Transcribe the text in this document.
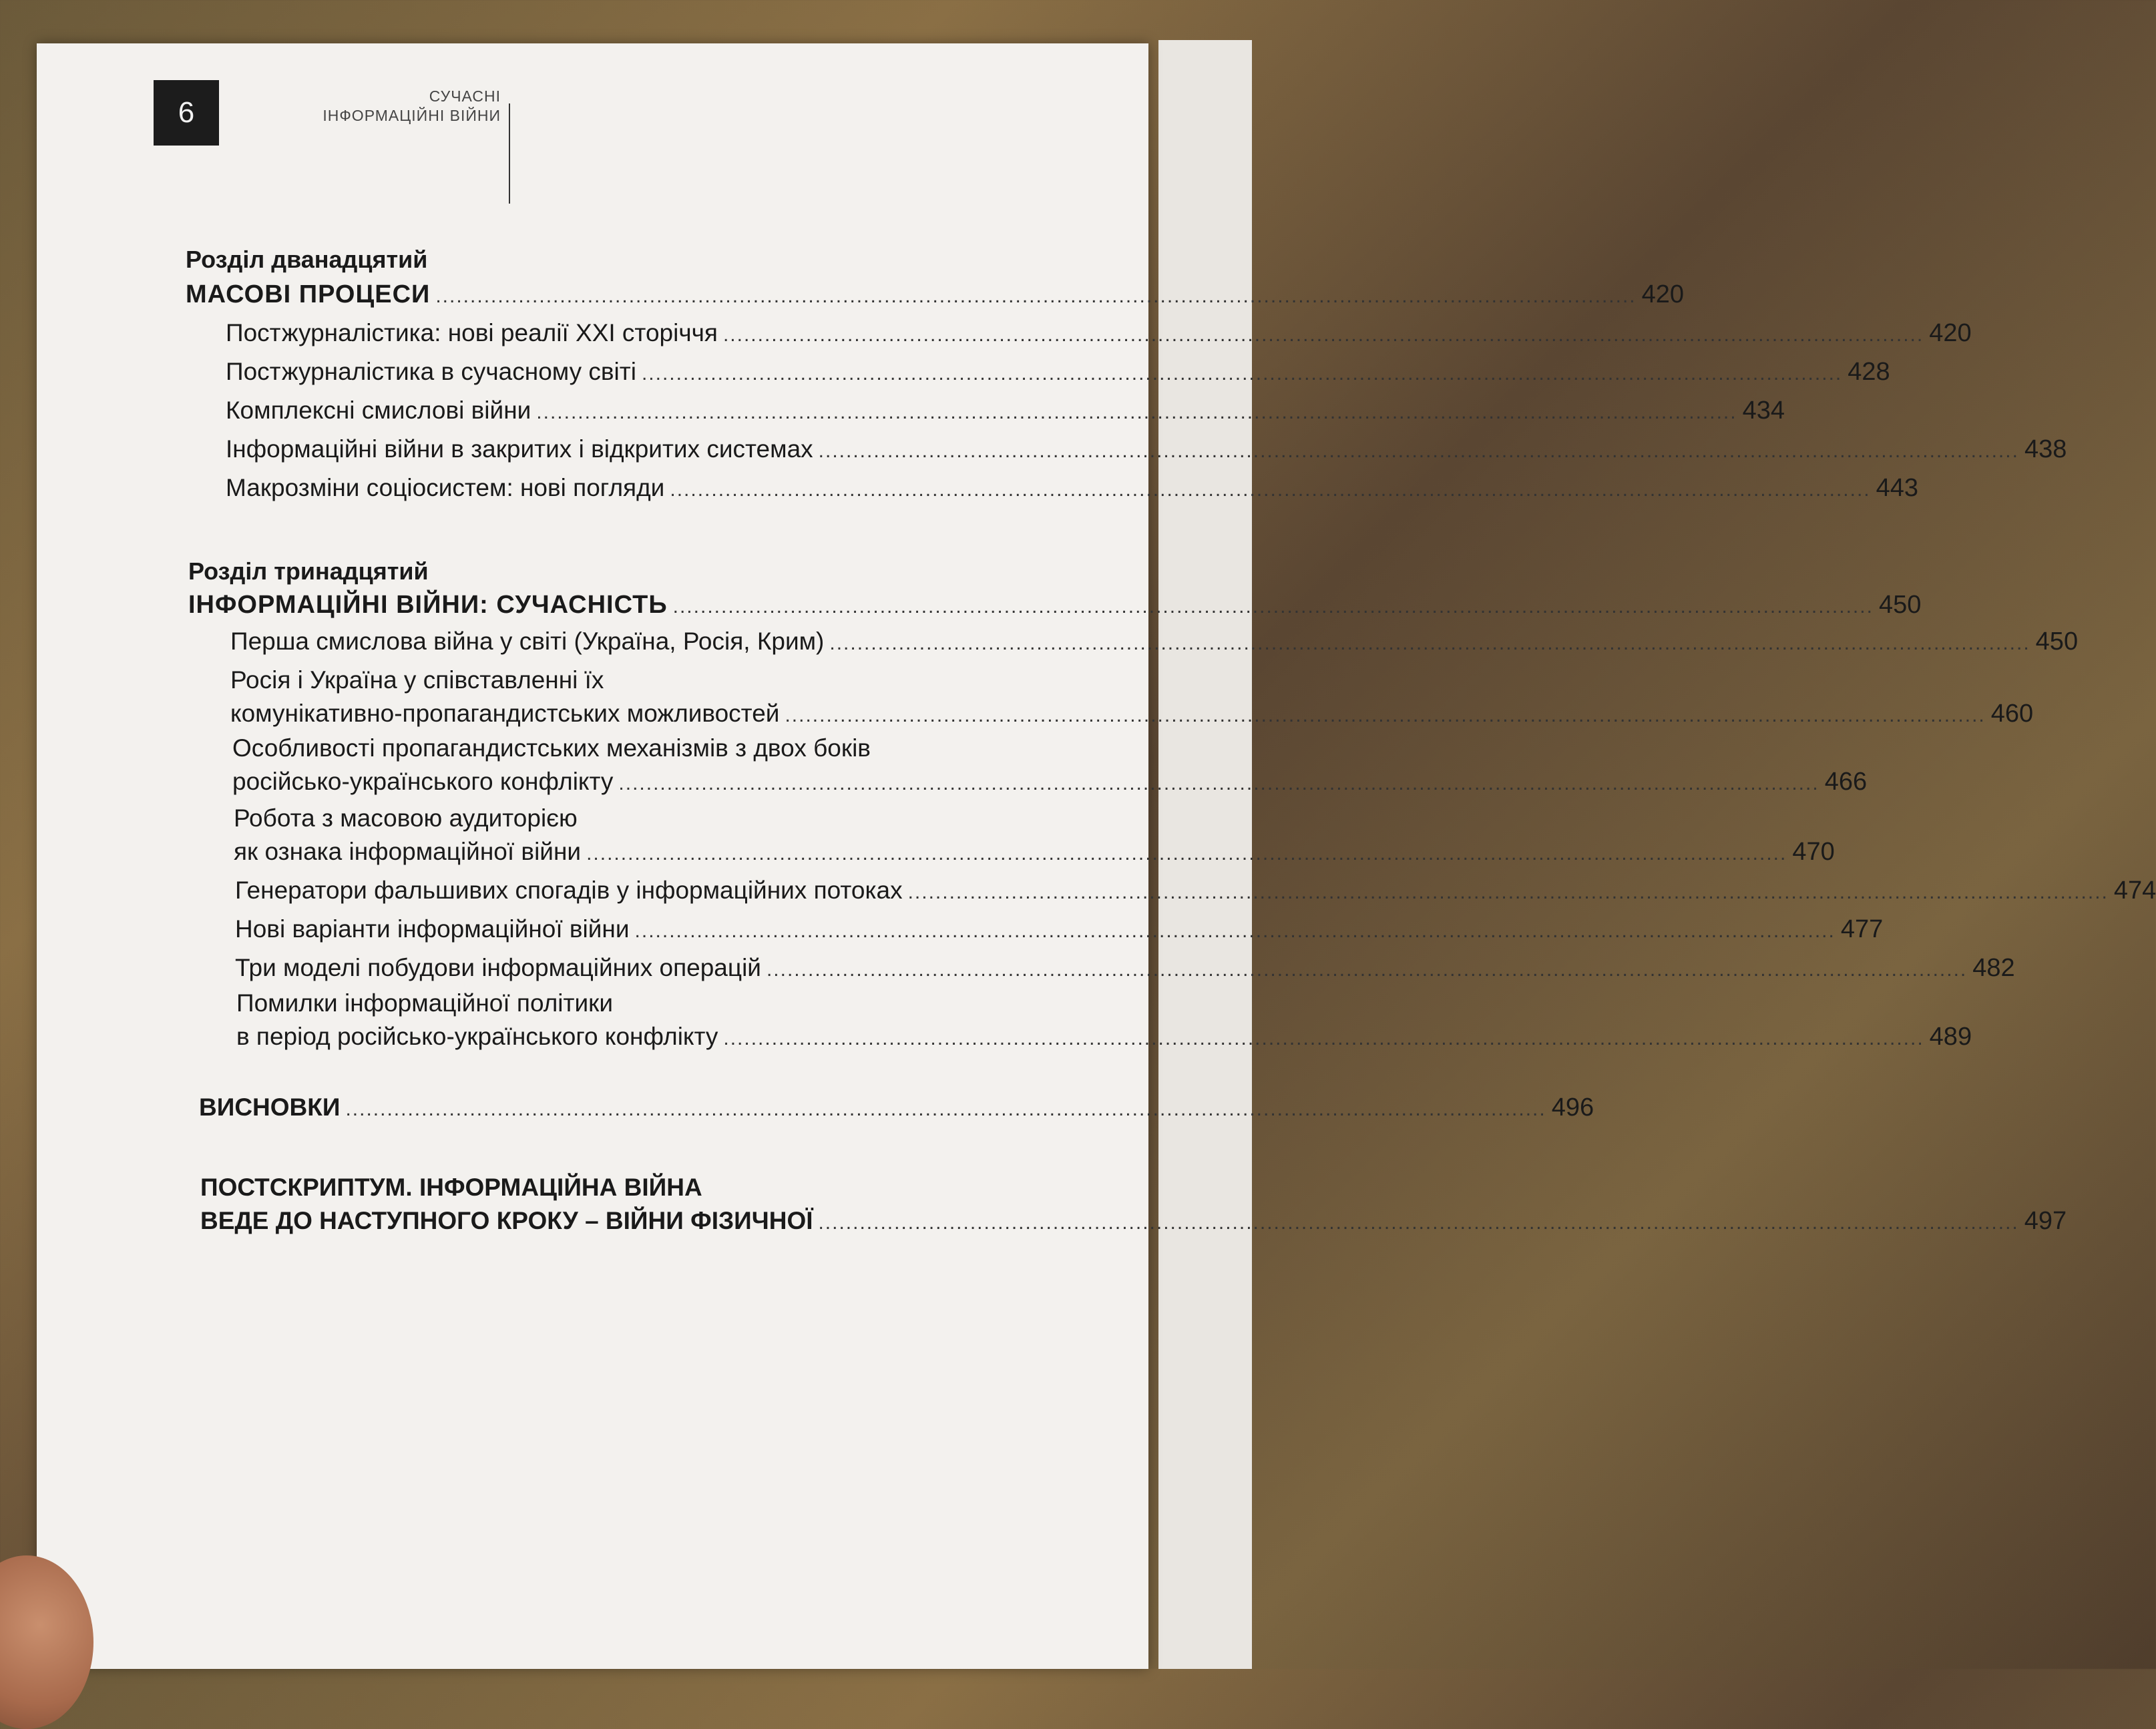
6	СУЧАСНІ
ІНФОРМАЦІЙНІ ВІЙНИ
Розділ дванадцятий
МАСОВІ ПРОЦЕСИ .............................................................................................................................................................................. 420
Постжурналістика: нові реалії XXI сторіччя .............................................................................................................................................................................. 420
Постжурналістика в сучасному світі .............................................................................................................................................................................. 428
Комплексні смислові війни .............................................................................................................................................................................. 434
Інформаційні війни в закритих і відкритих системах .............................................................................................................................................................................. 438
Макрозміни соціосистем: нові погляди .............................................................................................................................................................................. 443
Розділ тринадцятий
ІНФОРМАЦІЙНІ ВІЙНИ: СУЧАСНІСТЬ .............................................................................................................................................................................. 450
Перша смислова війна у світі (Україна, Росія, Крим) .............................................................................................................................................................................. 450
Росія і Україна у співставленні їх
комунікативно-пропагандистських можливостей .............................................................................................................................................................................. 460
Особливості пропагандистських механізмів з двох боків
російсько-українського конфлікту .............................................................................................................................................................................. 466
Робота з масовою аудиторією
як ознака інформаційної війни .............................................................................................................................................................................. 470
Генератори фальшивих спогадів у інформаційних потоках .............................................................................................................................................................................. 474
Нові варіанти інформаційної війни .............................................................................................................................................................................. 477
Три моделі побудови інформаційних операцій .............................................................................................................................................................................. 482
Помилки інформаційної політики
в період російсько-українського конфлікту .............................................................................................................................................................................. 489
ВИСНОВКИ .............................................................................................................................................................................. 496
ПОСТСКРИПТУМ. ІНФОРМАЦІЙНА ВІЙНА
ВЕДЕ ДО НАСТУПНОГО КРОКУ – ВІЙНИ ФІЗИЧНОЇ .............................................................................................................................................................................. 497
